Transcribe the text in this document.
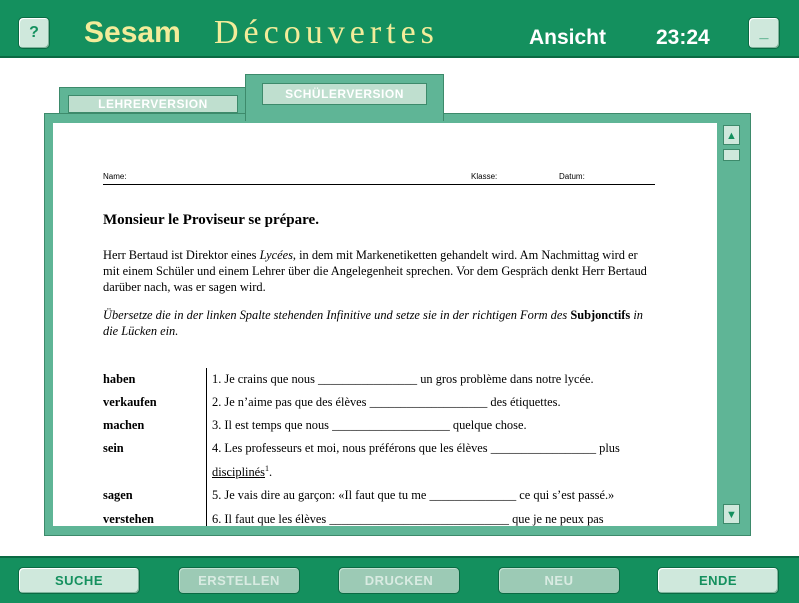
?	Sesam Découvertes	Ansicht 23:24	_
LEHRERVERSION
Name:	Klasse:	Datum:
Monsieur le Proviseur se prépare.
Herr Bertaud ist Direktor eines Lycées, in dem mit Markenetiketten gehandelt wird. Am Nachmittag wird er mit einem Schüler und einem Lehrer über die Angelegenheit sprechen. Vor dem Gespräch denkt Herr Bertaud darüber nach, was er sagen wird.
Übersetze die in der linken Spalte stehenden Infinitive und setze sie in der richtigen Form des Subjonctifs in die Lücken ein.
haben	1. Je crains que nous ________________ un gros problème dans notre lycée.
verkaufen	2. Je n’aime pas que des élèves ___________________ des étiquettes.
machen	3. Il est temps que nous ___________________ quelque chose.
sein	4. Les professeurs et moi, nous préférons que les élèves _________________ plus
disciplinés$^1$.
sagen	5. Je vais dire au garçon: «Il faut que tu me ______________ ce qui s’est passé.»
verstehen	6. Il faut que les élèves _____________________________ que je ne peux pas
▲
▼
SCHÜLERVERSION
SUCHE	ERSTELLEN	DRUCKEN	NEU	ENDE
